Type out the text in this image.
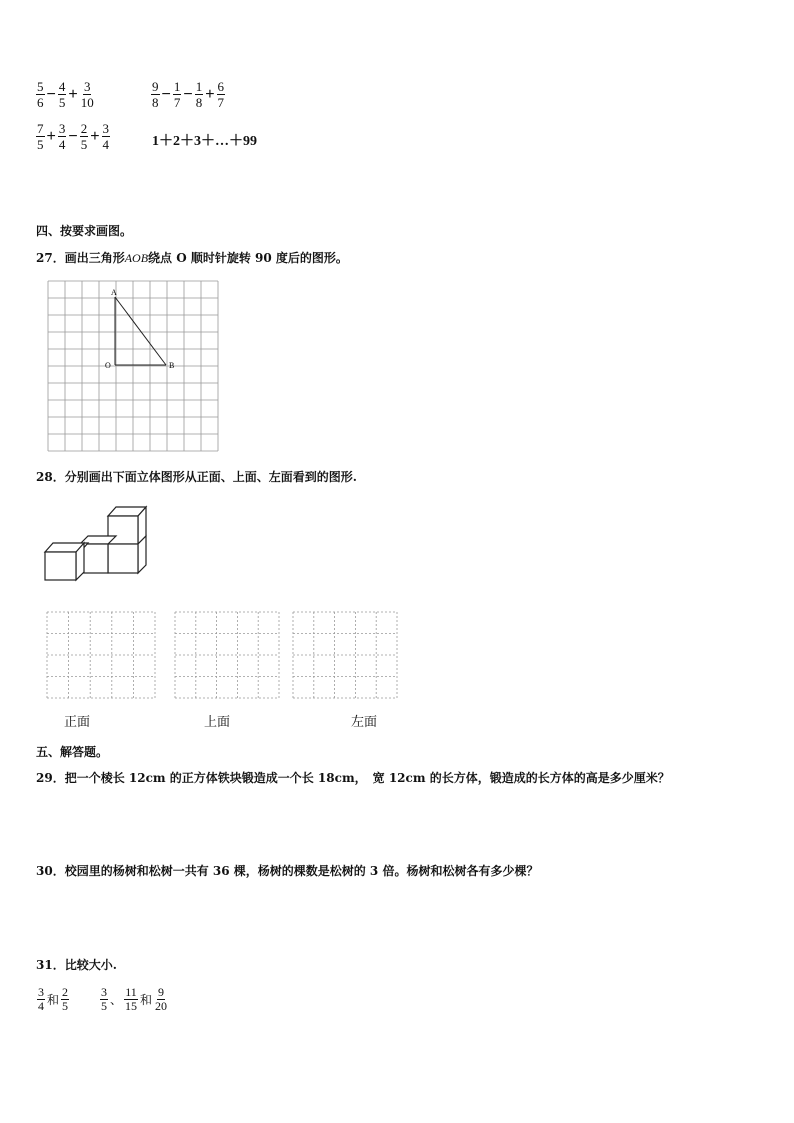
$\frac{5}{6} - \frac{4}{5} + \frac{3}{10}$	$\frac{9}{8} - \frac{1}{7} - \frac{1}{8} + \frac{6}{7}$
$\frac{7}{5} + \frac{3}{4} - \frac{2}{5} + \frac{3}{4}$	1＋2＋3＋…＋99
四、按要求画图。
27．画出三角形AOB绕点 O 顺时针旋转 90 度后的图形。
A
O	B
28．分别画出下面立体图形从正面、上面、左面看到的图形.
正面	上面	左面
五、解答题。
29．把一个棱长 12cm 的正方体铁块锻造成一个长 18cm，　宽 12cm 的长方体，锻造成的长方体的高是多少厘米？
30．校园里的杨树和松树一共有 36 棵，杨树的棵数是松树的 3 倍。杨树和松树各有多少棵？
31．比较大小.
$\frac{3}{4}$ 和 $\frac{2}{5}$	$\frac{3}{5}$ 、 $\frac{11}{15}$ 和 $\frac{9}{20}$
